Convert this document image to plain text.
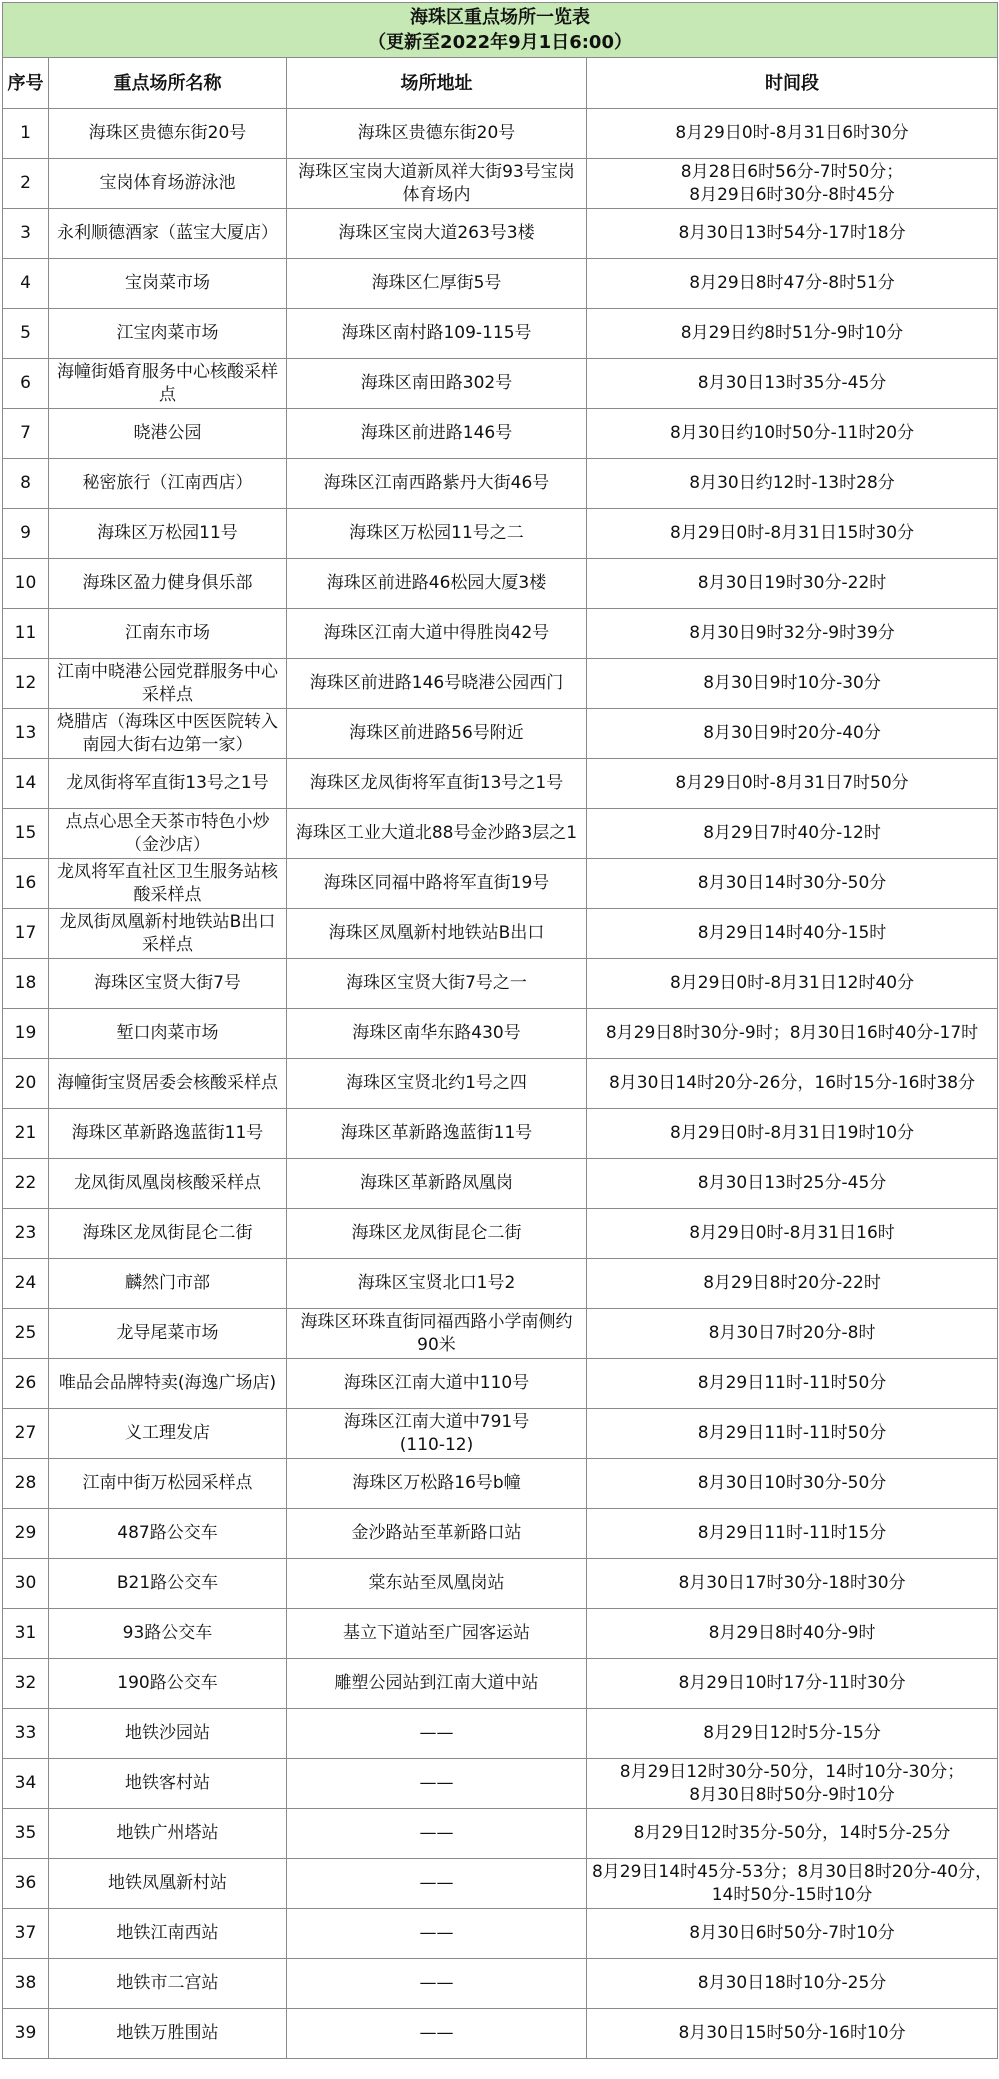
海珠区重点场所一览表
（更新至2022年9月1日6:00）			

序号	重点场所名称	场所地址	时间段
1	海珠区贵德东街20号	海珠区贵德东街20号	8月29日0时-8月31日6时30分
2	宝岗体育场游泳池	海珠区宝岗大道新凤祥大街93号宝岗体育场内	8月28日6时56分-7时50分；
8月29日6时30分-8时45分
3	永利顺德酒家（蓝宝大厦店）	海珠区宝岗大道263号3楼	8月30日13时54分-17时18分
4	宝岗菜市场	海珠区仁厚街5号	8月29日8时47分-8时51分
5	江宝肉菜市场	海珠区南村路109-115号	8月29日约8时51分-9时10分
6	海幢街婚育服务中心核酸采样点	海珠区南田路302号	8月30日13时35分-45分
7	晓港公园	海珠区前进路146号	8月30日约10时50分-11时20分
8	秘密旅行（江南西店）	海珠区江南西路紫丹大街46号	8月30日约12时-13时28分
9	海珠区万松园11号	海珠区万松园11号之二	8月29日0时-8月31日15时30分
10	海珠区盈力健身俱乐部	海珠区前进路46松园大厦3楼	8月30日19时30分-22时
11	江南东市场	海珠区江南大道中得胜岗42号	8月30日9时32分-9时39分
12	江南中晓港公园党群服务中心采样点	海珠区前进路146号晓港公园西门	8月30日9时10分-30分
13	烧腊店（海珠区中医医院转入南园大街右边第一家）	海珠区前进路56号附近	8月30日9时20分-40分
14	龙凤街将军直街13号之1号	海珠区龙凤街将军直街13号之1号	8月29日0时-8月31日7时50分
15	点点心思全天茶市特色小炒（金沙店）	海珠区工业大道北88号金沙路3层之1	8月29日7时40分-12时
16	龙凤将军直社区卫生服务站核酸采样点	海珠区同福中路将军直街19号	8月30日14时30分-50分
17	龙凤街凤凰新村地铁站B出口采样点	海珠区凤凰新村地铁站B出口	8月29日14时40分-15时
18	海珠区宝贤大街7号	海珠区宝贤大街7号之一	8月29日0时-8月31日12时40分
19	堑口肉菜市场	海珠区南华东路430号	8月29日8时30分-9时；8月30日16时40分-17时
20	海幢街宝贤居委会核酸采样点	海珠区宝贤北约1号之四	8月30日14时20分-26分，16时15分-16时38分
21	海珠区革新路逸蓝街11号	海珠区革新路逸蓝街11号	8月29日0时-8月31日19时10分
22	龙凤街凤凰岗核酸采样点	海珠区革新路凤凰岗	8月30日13时25分-45分
23	海珠区龙凤街昆仑二街	海珠区龙凤街昆仑二街	8月29日0时-8月31日16时
24	麟然门市部	海珠区宝贤北口1号2	8月29日8时20分-22时
25	龙导尾菜市场	海珠区环珠直街同福西路小学南侧约90米	8月30日7时20分-8时
26	唯品会品牌特卖(海逸广场店)	海珠区江南大道中110号	8月29日11时-11时50分
27	义工理发店	海珠区江南大道中791号
(110-12)	8月29日11时-11时50分
28	江南中街万松园采样点	海珠区万松路16号b幢	8月30日10时30分-50分
29	487路公交车	金沙路站至革新路口站	8月29日11时-11时15分
30	B21路公交车	棠东站至凤凰岗站	8月30日17时30分-18时30分
31	93路公交车	基立下道站至广园客运站	8月29日8时40分-9时
32	190路公交车	雕塑公园站到江南大道中站	8月29日10时17分-11时30分
33	地铁沙园站	——	8月29日12时5分-15分
34	地铁客村站	——	8月29日12时30分-50分，14时10分-30分；
8月30日8时50分-9时10分
35	地铁广州塔站	——	8月29日12时35分-50分，14时5分-25分
36	地铁凤凰新村站	——	8月29日14时45分-53分；8月30日8时20分-40分，14时50分-15时10分
37	地铁江南西站	——	8月30日6时50分-7时10分
38	地铁市二宫站	——	8月30日18时10分-25分
39	地铁万胜围站	——	8月30日15时50分-16时10分
